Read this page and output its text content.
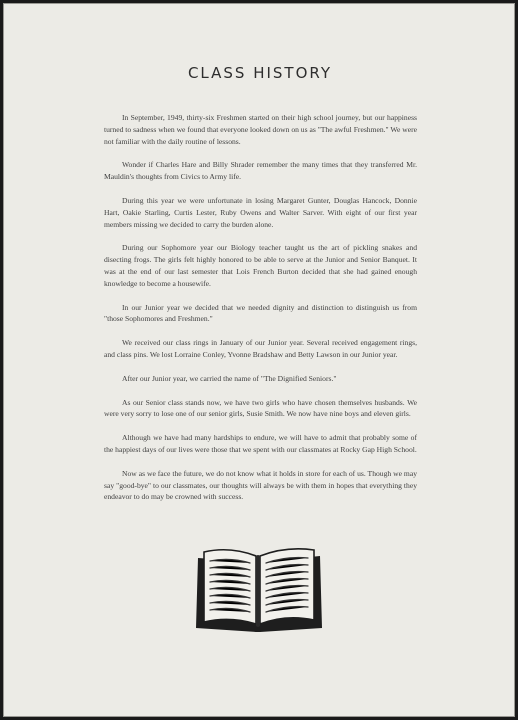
CLASS HISTORY

In September, 1949, thirty-six Freshmen started on their high school journey, but our happiness turned to sadness when we found that everyone looked down on us as "The awful Freshmen." We were not familiar with the daily routine of lessons.

Wonder if Charles Hare and Billy Shrader remember the many times that they transferred Mr. Mauldin's thoughts from Civics to Army life.

During this year we were unfortunate in losing Margaret Gunter, Douglas Hancock, Donnie Hart, Oakie Starling, Curtis Lester, Ruby Owens and Walter Sarver. With eight of our first year members missing we decided to carry the burden alone.

During our Sophomore year our Biology teacher taught us the art of pickling snakes and disecting frogs. The girls felt highly honored to be able to serve at the Junior and Senior Banquet. It was at the end of our last semester that Lois French Burton decided that she had gained enough knowledge to become a housewife.

In our Junior year we decided that we needed dignity and distinction to distinguish us from "those Sophomores and Freshmen."

We received our class rings in January of our Junior year. Several received engagement rings, and class pins. We lost Lorraine Conley, Yvonne Bradshaw and Betty Lawson in our Junior year.

After our Junior year, we carried the name of "The Dignified Seniors."

As our Senior class stands now, we have two girls who have chosen themselves husbands. We were very sorry to lose one of our senior girls, Susie Smith. We now have nine boys and eleven girls.

Although we have had many hardships to endure, we will have to admit that probably some of the happiest days of our lives were those that we spent with our classmates at Rocky Gap High School.

Now as we face the future, we do not know what it holds in store for each of us. Though we may say "good-bye" to our classmates, our thoughts will always be with them in hopes that everything they endeavor to do may be crowned with success.
